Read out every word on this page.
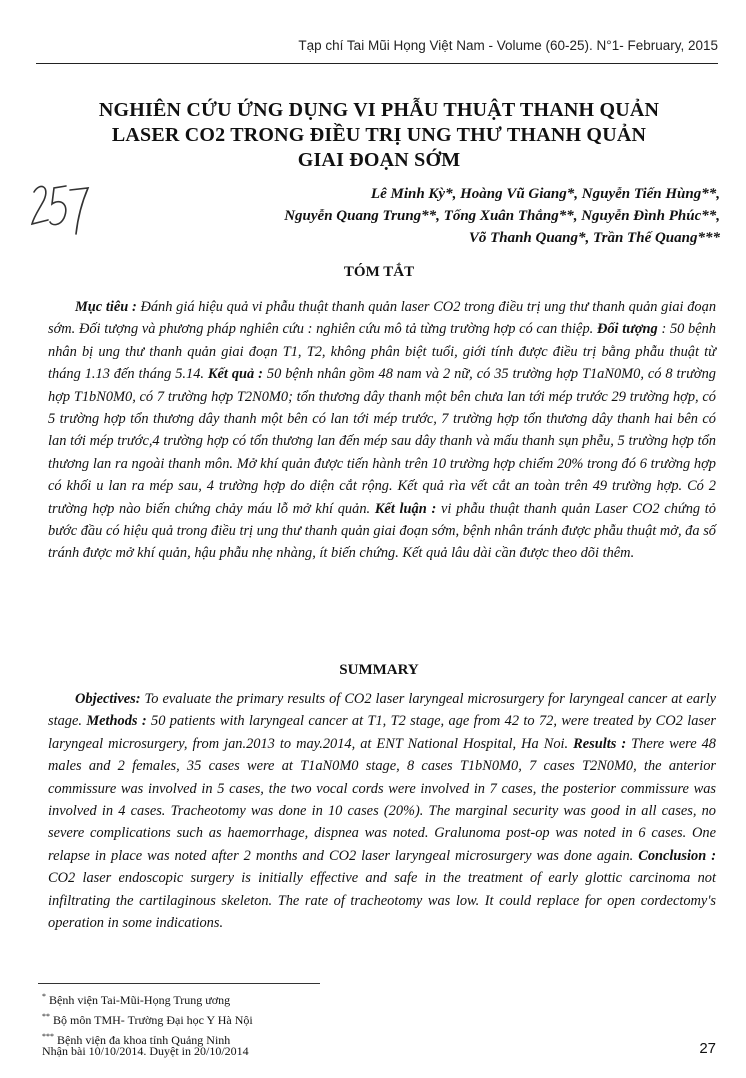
Tạp chí Tai Mũi Họng Việt Nam - Volume (60-25). N°1- February, 2015
NGHIÊN CỨU ỨNG DỤNG VI PHẪU THUẬT THANH QUẢN
LASER CO2 TRONG ĐIỀU TRỊ UNG THƯ THANH QUẢN
GIAI ĐOẠN SỚM
Lê Minh Kỳ*, Hoàng Vũ Giang*, Nguyễn Tiến Hùng**,
Nguyễn Quang Trung**, Tống Xuân Thắng**, Nguyễn Đình Phúc**,
Võ Thanh Quang*, Trần Thế Quang***
TÓM TẮT

Mục tiêu : Đánh giá hiệu quả vi phẫu thuật thanh quản laser CO2 trong điều trị ung thư thanh quản giai đoạn sớm. Đối tượng và phương pháp nghiên cứu : nghiên cứu mô tả từng trường hợp có can thiệp. Đối tượng : 50 bệnh nhân bị ung thư thanh quản giai đoạn T1, T2, không phân biệt tuổi, giới tính được điều trị bằng phẫu thuật từ tháng 1.13 đến tháng 5.14. Kết quả : 50 bệnh nhân gồm 48 nam và 2 nữ, có 35 trường hợp T1aN0M0, có 8 trường hợp T1bN0M0, có 7 trường hợp T2N0M0; tổn thương dây thanh một bên chưa lan tới mép trước 29 trường hợp, có 5 trường hợp tổn thương dây thanh một bên có lan tới mép trước, 7 trường hợp tổn thương dây thanh hai bên có lan tới mép trước,4 trường hợp có tổn thương lan đến mép sau dây thanh và mấu thanh sụn phễu, 5 trường hợp tổn thương lan ra ngoài thanh môn. Mở khí quản được tiến hành trên 10 trường hợp chiếm 20% trong đó 6 trường hợp có khối u lan ra mép sau, 4 trường hợp do diện cắt rộng. Kết quả rìa vết cắt an toàn trên 49 trường hợp. Có 2 trường hợp nào biến chứng chảy máu lỗ mở khí quản. Kết luận : vi phẫu thuật thanh quản Laser CO2 chứng tỏ bước đầu có hiệu quả trong điều trị ung thư thanh quản giai đoạn sớm, bệnh nhân tránh được phẫu thuật mở, đa số tránh được mở khí quản, hậu phẫu nhẹ nhàng, ít biến chứng. Kết quả lâu dài cần được theo dõi thêm.

SUMMARY

Objectives: To evaluate the primary results of CO2 laser laryngeal microsurgery for laryngeal cancer at early stage. Methods : 50 patients with laryngeal cancer at T1, T2 stage, age from 42 to 72, were treated by CO2 laser laryngeal microsurgery, from jan.2013 to may.2014, at ENT National Hospital, Ha Noi. Results : There were 48 males and 2 females, 35 cases were at T1aN0M0 stage, 8 cases T1bN0M0, 7 cases T2N0M0, the anterior commissure was involved in 5 cases, the two vocal cords were involved in 7 cases, the posterior commissure was involved in 4 cases. Tracheotomy was done in 10 cases (20%). The marginal security was good in all cases, no severe complications such as haemorrhage, dispnea was noted. Gralunoma post-op was noted in 6 cases. One relapse in place was noted after 2 months and CO2 laser laryngeal microsurgery was done again. Conclusion : CO2 laser endoscopic surgery is initially effective and safe in the treatment of early glottic carcinoma not infiltrating the cartilaginous skeleton. The rate of tracheotomy was low. It could replace for open cordectomy's operation in some indications.

* Bệnh viện Tai-Mũi-Họng Trung ương
** Bộ môn TMH- Trường Đại học Y Hà Nội
*** Bệnh viện đa khoa tỉnh Quảng Ninh
Nhận bài 10/10/2014. Duyệt in 20/10/2014	27
